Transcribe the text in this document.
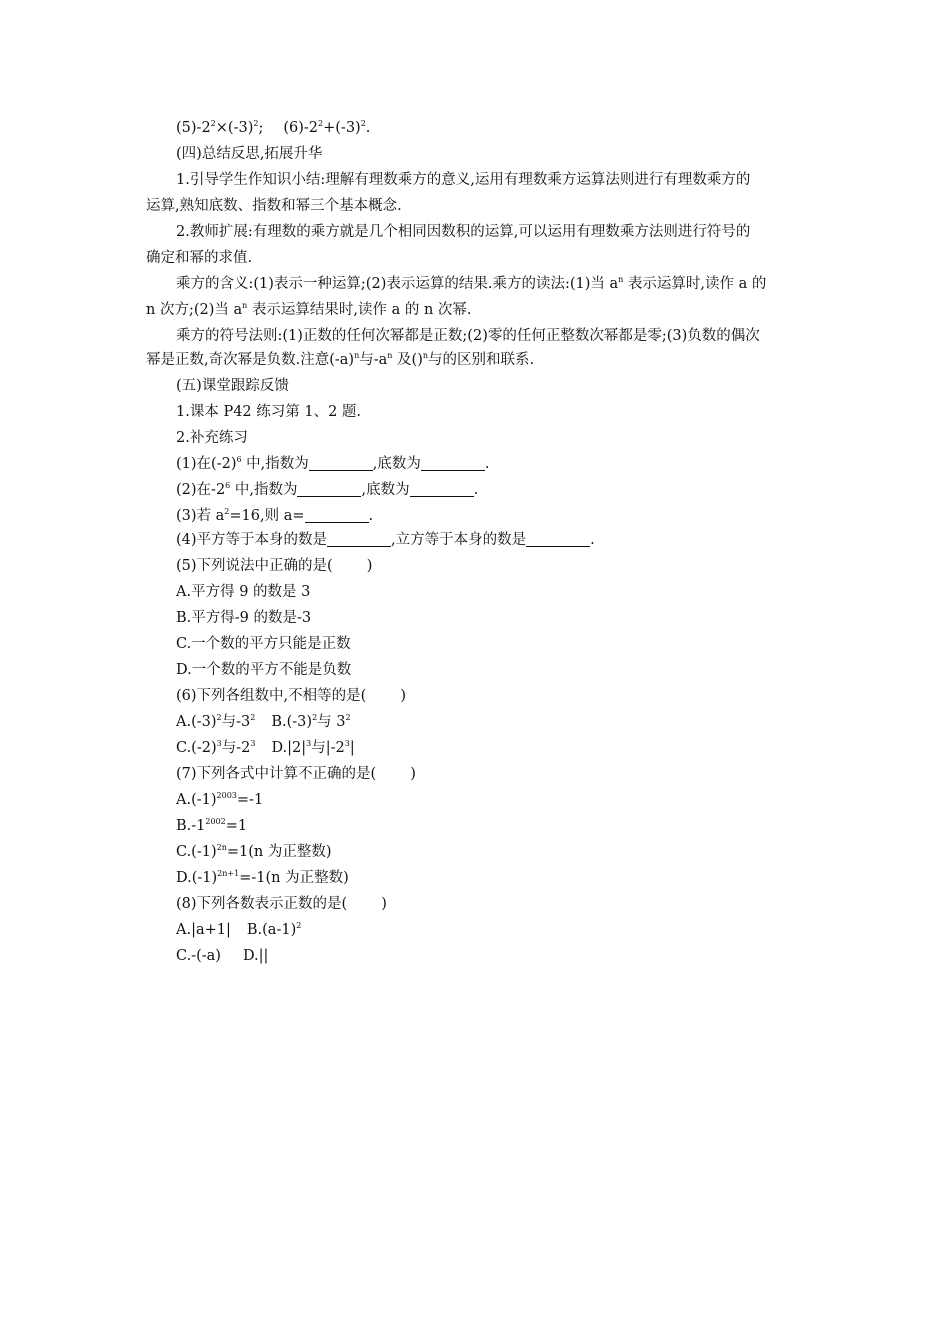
$(5)-2^2\times(-3)^2$; $(6)-2^2+(-3)^2$.
(四)总结反思,拓展升华
1.引导学生作知识小结:理解有理数乘方的意义,运用有理数乘方运算法则进行有理数乘方的
运算,熟知底数、指数和幂三个基本概念.
2.教师扩展:有理数的乘方就是几个相同因数积的运算,可以运用有理数乘方法则进行符号的
确定和幂的求值.
乘方的含义:(1)表示一种运算;(2)表示运算的结果.乘方的读法:(1)当 $a^n$ 表示运算时,读作 a 的
n 次方;(2)当 $a^n$ 表示运算结果时,读作 a 的 n 次幂.
乘方的符号法则:(1)正数的任何次幂都是正数;(2)零的任何正整数次幂都是零;(3)负数的偶次
幂是正数,奇次幂是负数.注意$(-a)^n$与$-a^n$ 及()$^n$与的区别和联系.
(五)课堂跟踪反馈
1.课本 P42 练习第 1、2 题.
2.补充练习
(1)在$(-2)^6$ 中,指数为	,底数为	.
(2)在$-2^6$ 中,指数为	,底数为	.
(3)若 $a^2=16$,则 a=	.
(4)平方等于本身的数是	,立方等于本身的数是	.
(5)下列说法中正确的是( )
A.平方得 9 的数是 3
B.平方得-9 的数是-3
C.一个数的平方只能是正数
D.一个数的平方不能是负数
(6)下列各组数中,不相等的是( )
$A.(-3)^2$与$-3^2$ $B.(-3)^2$与 $3^2$
$C.(-2)^3$与$-2^3$ $D.|2|^3$与$|-2^3|$
(7)下列各式中计算不正确的是( )
$A.(-1)^{2003}=-1$
$B.-1^{2002}=1$
$C.(-1)^{2n}=1(n$ 为正整数)
$D.(-1)^{2n+1}=-1(n$ 为正整数)
(8)下列各数表示正数的是( )
A.|a+1| $B.(a-1)^2$
C.-(-a) D.||
